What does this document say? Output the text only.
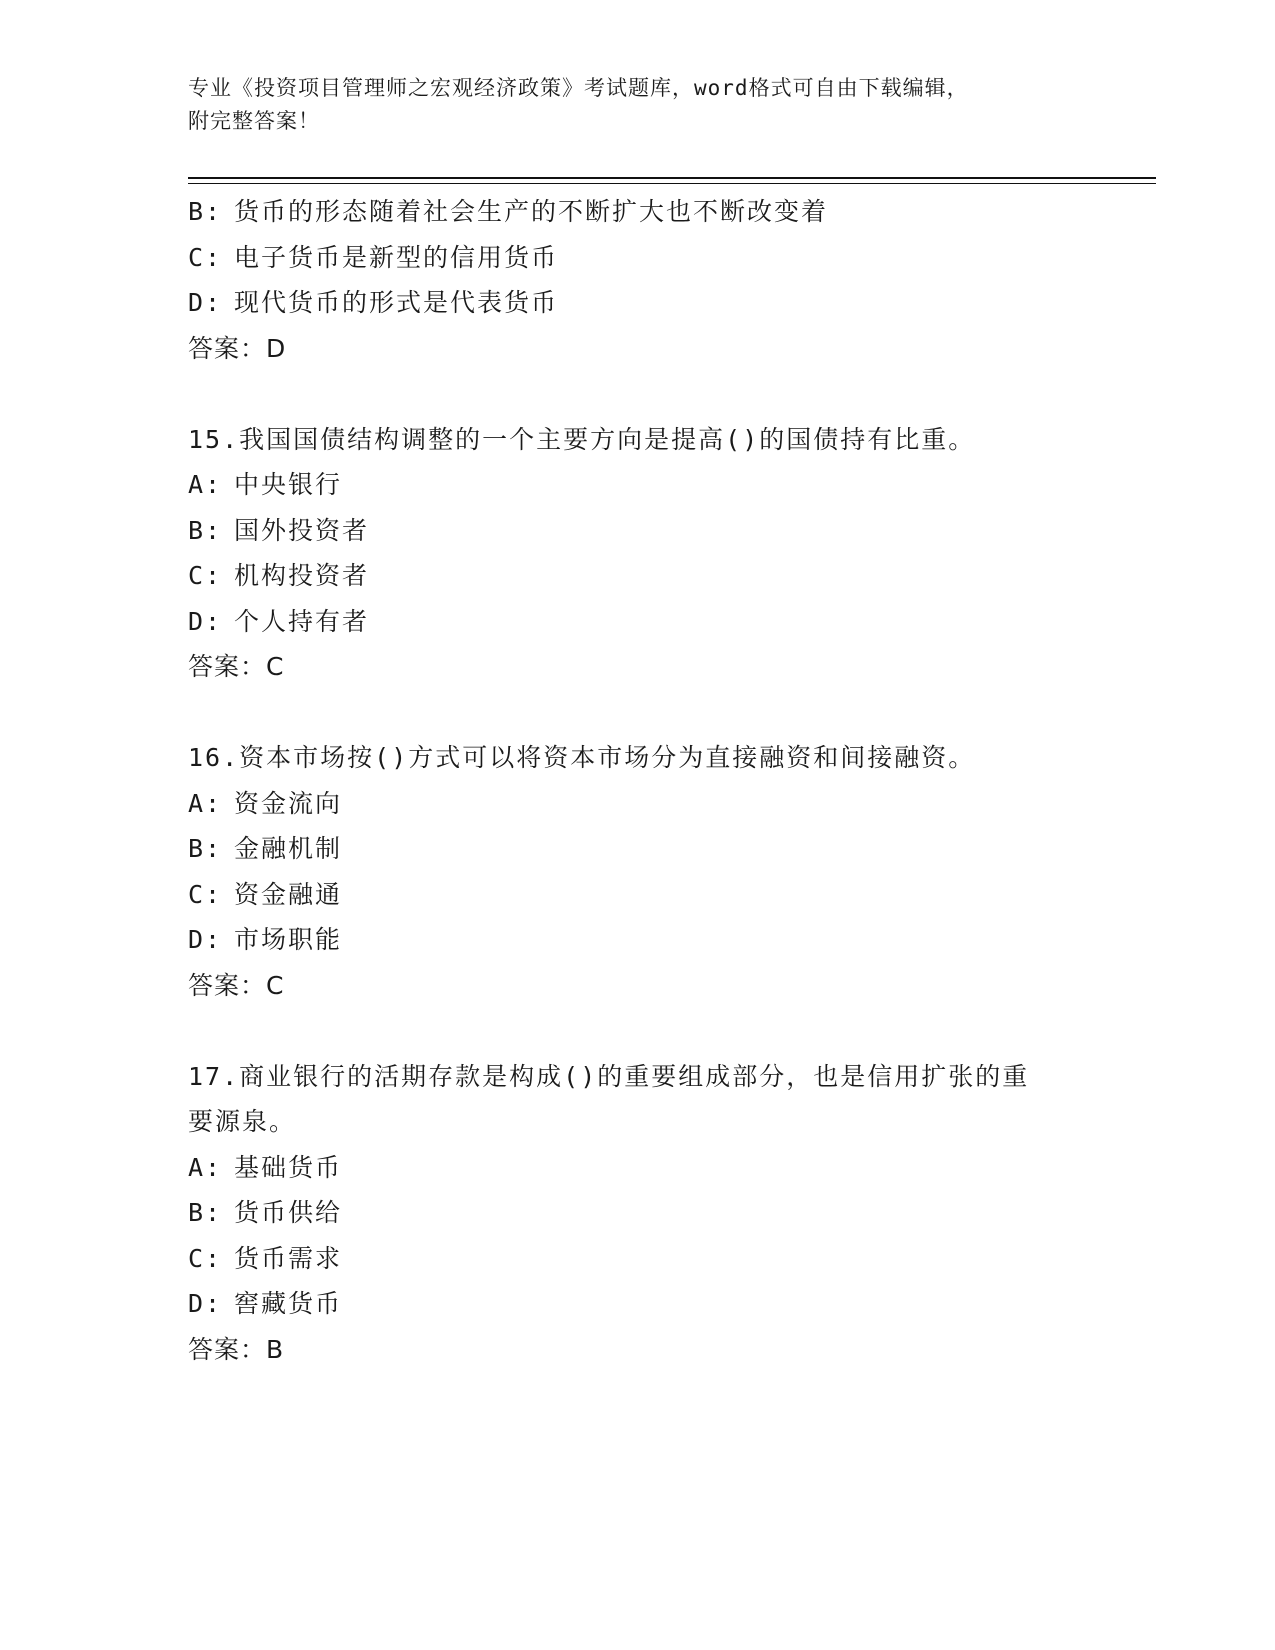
专业《投资项目管理师之宏观经济政策》考试题库，word格式可自由下载编辑，
附完整答案！
B: 货币的形态随着社会生产的不断扩大也不断改变着
C: 电子货币是新型的信用货币
D: 现代货币的形式是代表货币
答案：D
15.我国国债结构调整的一个主要方向是提高()的国债持有比重。
A: 中央银行
B: 国外投资者
C: 机构投资者
D: 个人持有者
答案：C
16.资本市场按()方式可以将资本市场分为直接融资和间接融资。
A: 资金流向
B: 金融机制
C: 资金融通
D: 市场职能
答案：C
17.商业银行的活期存款是构成()的重要组成部分，也是信用扩张的重
要源泉。
A: 基础货币
B: 货币供给
C: 货币需求
D: 窖藏货币
答案：B
